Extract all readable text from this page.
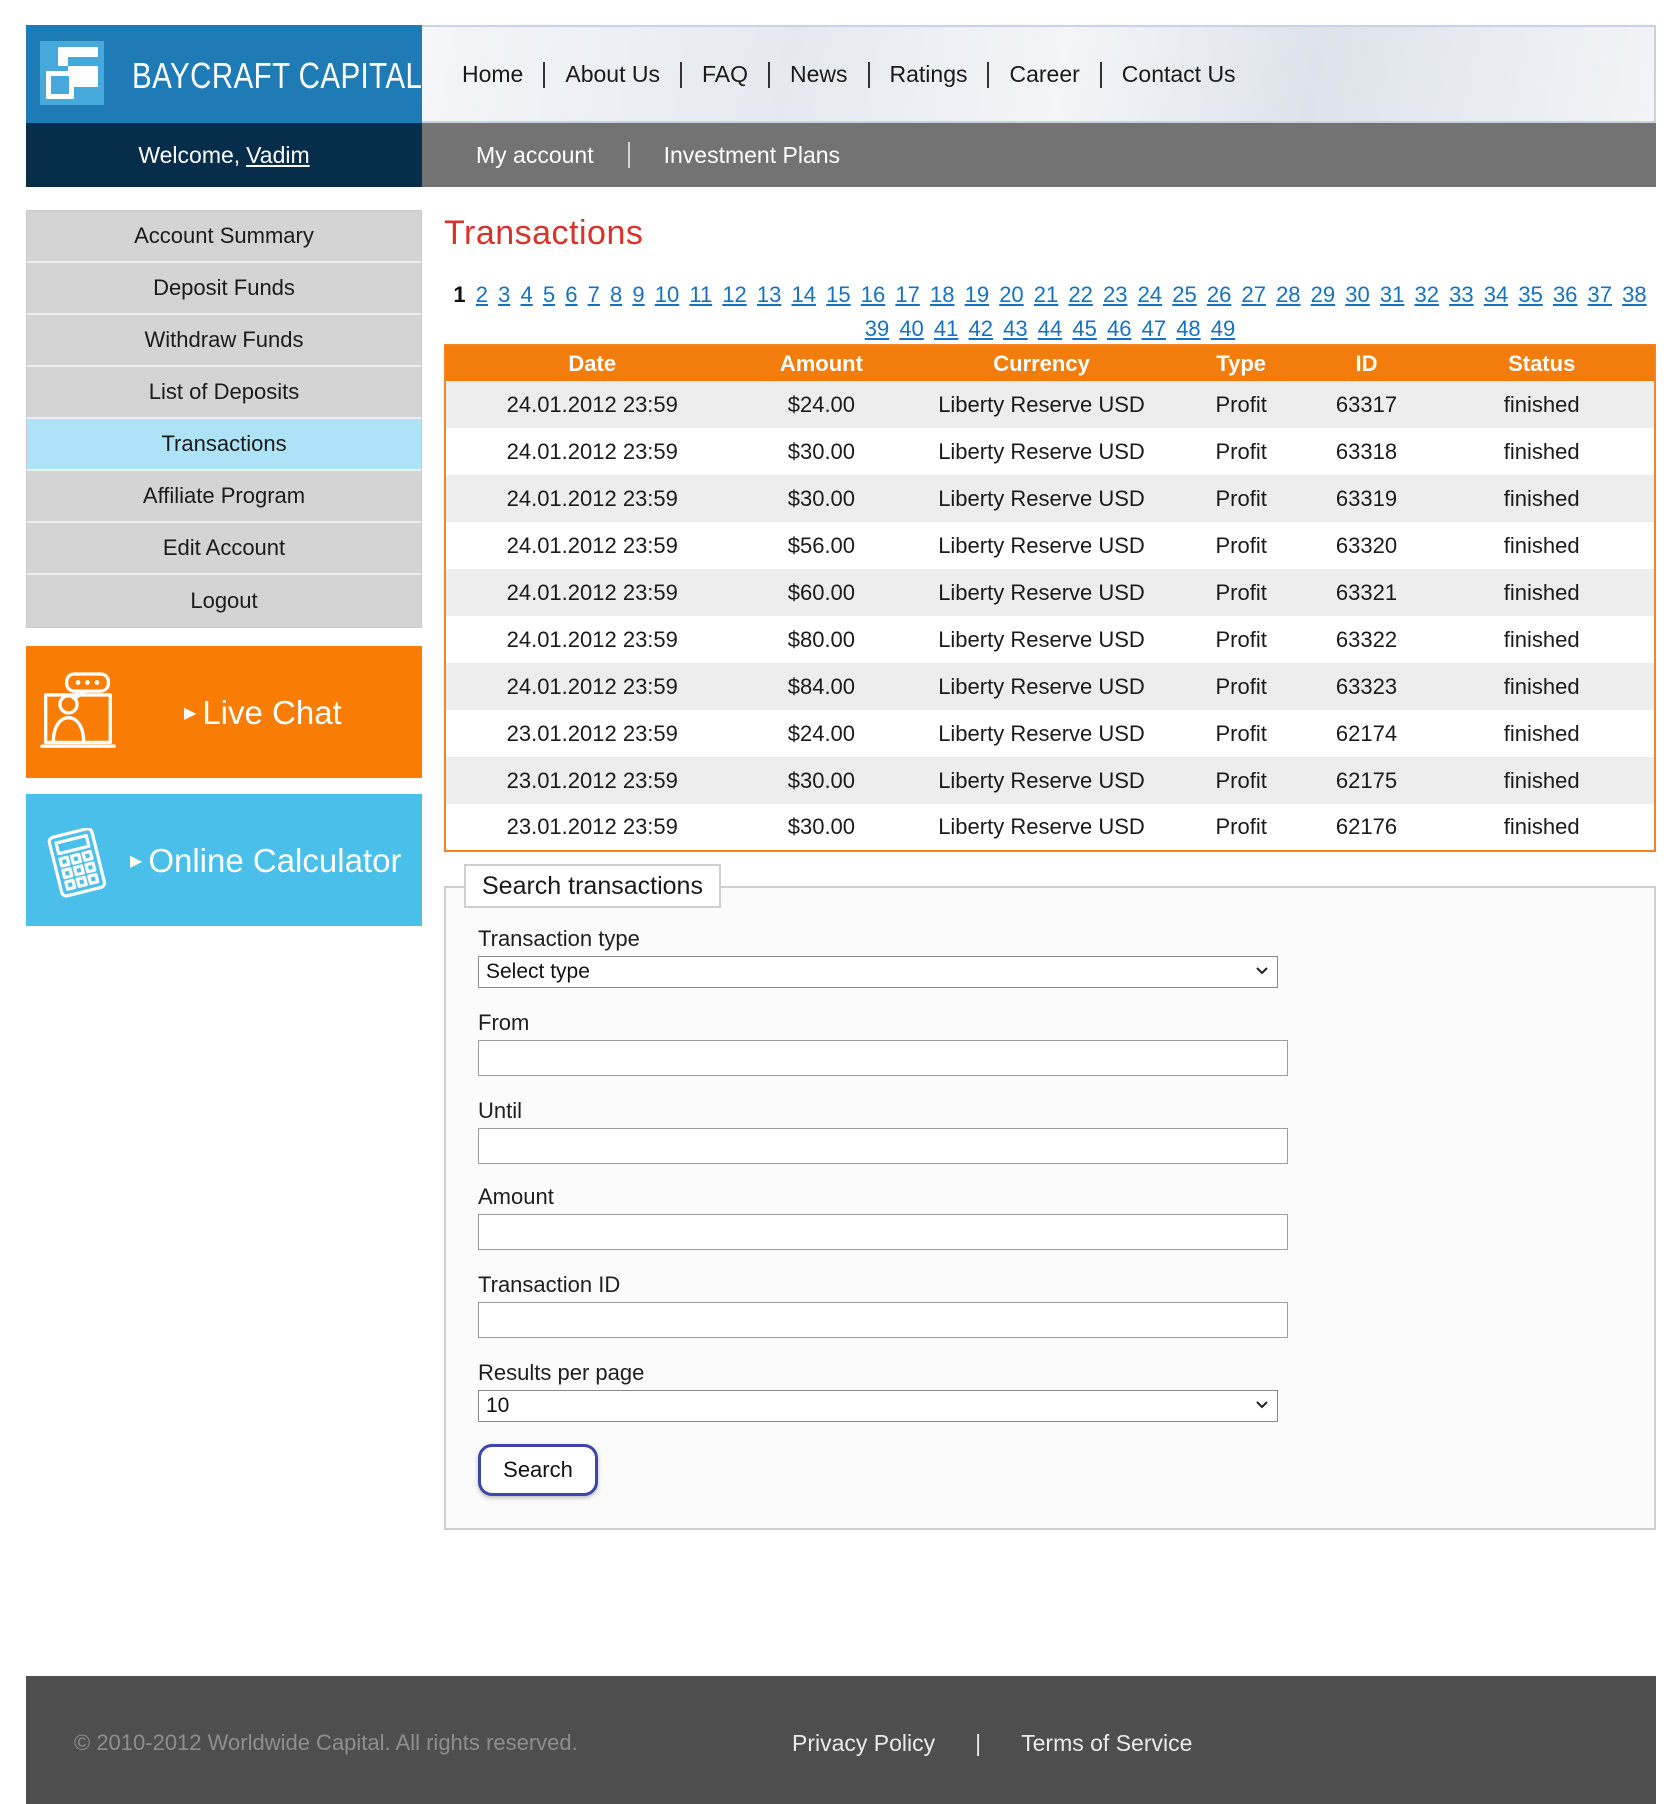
BAYCRAFT CAPITAL	Home	About Us	FAQ	News	Ratings	Career	Contact Us
Welcome, Vadim	My account	Investment Plans
Account Summary
Deposit Funds
Withdraw Funds
List of Deposits
Transactions
Affiliate Program
Edit Account
Logout
▶ Live Chat
▶ Online Calculator
Transactions
1 2 3 4 5 6 7 8 9 10 11 12 13 14 15 16 17 18 19 20 21 22 23 24 25 26 27 28 29 30 31 32 33 34 35 36 37 38 39 40 41 42 43 44 45 46 47 48 49
Date	Amount	Currency	Type	ID	Status
24.01.2012 23:59	$24.00	Liberty Reserve USD	Profit	63317	finished
24.01.2012 23:59	$30.00	Liberty Reserve USD	Profit	63318	finished
24.01.2012 23:59	$30.00	Liberty Reserve USD	Profit	63319	finished
24.01.2012 23:59	$56.00	Liberty Reserve USD	Profit	63320	finished
24.01.2012 23:59	$60.00	Liberty Reserve USD	Profit	63321	finished
24.01.2012 23:59	$80.00	Liberty Reserve USD	Profit	63322	finished
24.01.2012 23:59	$84.00	Liberty Reserve USD	Profit	63323	finished
23.01.2012 23:59	$24.00	Liberty Reserve USD	Profit	62174	finished
23.01.2012 23:59	$30.00	Liberty Reserve USD	Profit	62175	finished
23.01.2012 23:59	$30.00	Liberty Reserve USD	Profit	62176	finished
Search transactions
Transaction type
Select type
From
Until
Amount
Transaction ID
Results per page
10
Search
© 2010-2012 Worldwide Capital. All rights reserved.	Privacy Policy | Terms of Service
